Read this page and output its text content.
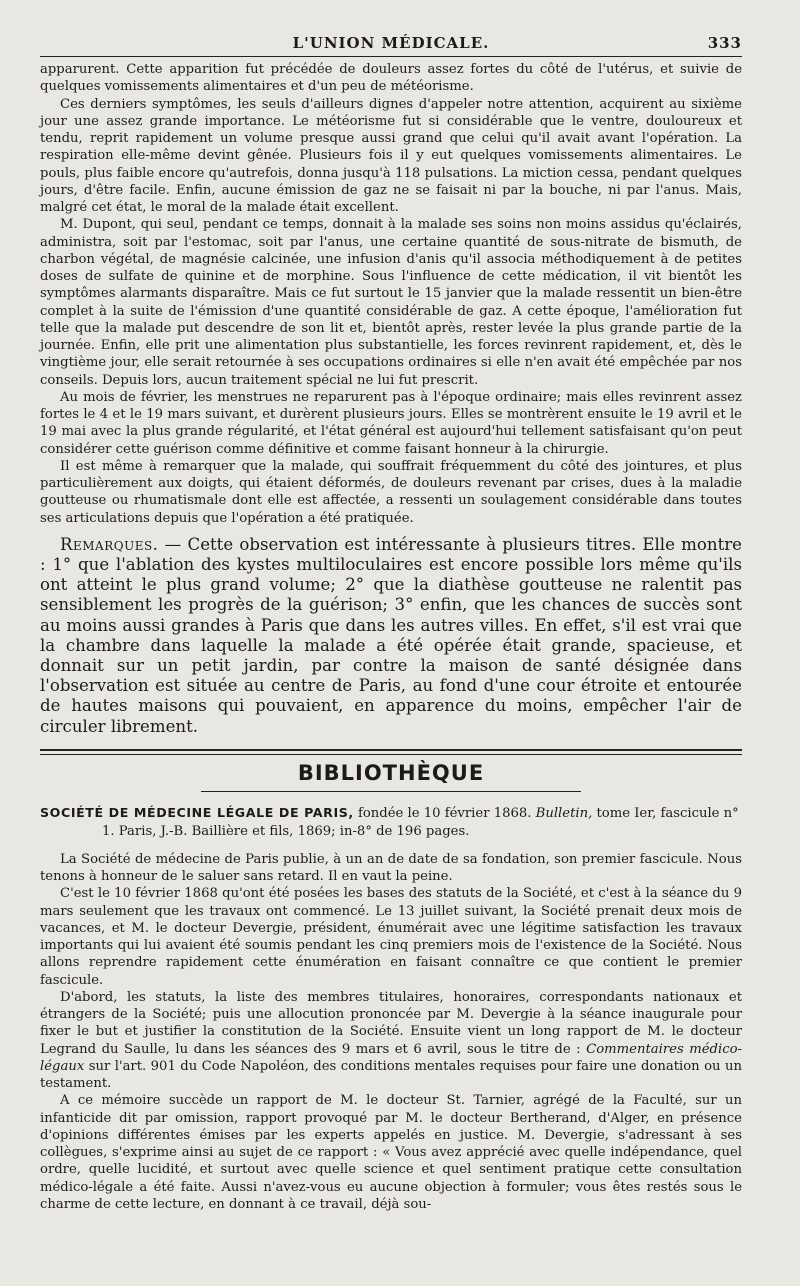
L'UNION MÉDICALE.	333

apparurent. Cette apparition fut précédée de douleurs assez fortes du côté de l'utérus, et suivie de quelques vomissements alimentaires et d'un peu de météorisme.

Ces derniers symptômes, les seuls d'ailleurs dignes d'appeler notre attention, acquirent au sixième jour une assez grande importance. Le météorisme fut si considérable que le ventre, douloureux et tendu, reprit rapidement un volume presque aussi grand que celui qu'il avait avant l'opération. La respiration elle-même devint gênée. Plusieurs fois il y eut quelques vomissements alimentaires. Le pouls, plus faible encore qu'autrefois, donna jusqu'à 118 pulsations. La miction cessa, pendant quelques jours, d'être facile. Enfin, aucune émission de gaz ne se faisait ni par la bouche, ni par l'anus. Mais, malgré cet état, le moral de la malade était excellent.

M. Dupont, qui seul, pendant ce temps, donnait à la malade ses soins non moins assidus qu'éclairés, administra, soit par l'estomac, soit par l'anus, une certaine quantité de sous-nitrate de bismuth, de charbon végétal, de magnésie calcinée, une infusion d'anis qu'il associa méthodiquement à de petites doses de sulfate de quinine et de morphine. Sous l'influence de cette médication, il vit bientôt les symptômes alarmants disparaître. Mais ce fut surtout le 15 janvier que la malade ressentit un bien-être complet à la suite de l'émission d'une quantité considérable de gaz. A cette époque, l'amélioration fut telle que la malade put descendre de son lit et, bientôt après, rester levée la plus grande partie de la journée. Enfin, elle prit une alimentation plus substantielle, les forces revinrent rapidement, et, dès le vingtième jour, elle serait retournée à ses occupations ordinaires si elle n'en avait été empêchée par nos conseils. Depuis lors, aucun traitement spécial ne lui fut prescrit.

Au mois de février, les menstrues ne reparurent pas à l'époque ordinaire; mais elles revinrent assez fortes le 4 et le 19 mars suivant, et durèrent plusieurs jours. Elles se montrèrent ensuite le 19 avril et le 19 mai avec la plus grande régularité, et l'état général est aujourd'hui tellement satisfaisant qu'on peut considérer cette guérison comme définitive et comme faisant honneur à la chirurgie.

Il est même à remarquer que la malade, qui souffrait fréquemment du côté des jointures, et plus particulièrement aux doigts, qui étaient déformés, de douleurs revenant par crises, dues à la maladie goutteuse ou rhumatismale dont elle est affectée, a ressenti un soulagement considérable dans toutes ses articulations depuis que l'opération a été pratiquée.

Remarques. — Cette observation est intéressante à plusieurs titres. Elle montre : 1° que l'ablation des kystes multiloculaires est encore possible lors même qu'ils ont atteint le plus grand volume; 2° que la diathèse goutteuse ne ralentit pas sensiblement les progrès de la guérison; 3° enfin, que les chances de succès sont au moins aussi grandes à Paris que dans les autres villes. En effet, s'il est vrai que la chambre dans laquelle la malade a été opérée était grande, spacieuse, et donnait sur un petit jardin, par contre la maison de santé désignée dans l'observation est située au centre de Paris, au fond d'une cour étroite et entourée de hautes maisons qui pouvaient, en apparence du moins, empêcher l'air de circuler librement.

BIBLIOTHÈQUE

SOCIÉTÉ DE MÉDECINE LÉGALE DE PARIS, fondée le 10 février 1868. Bulletin, tome Ier, fascicule n° 1. Paris, J.-B. Baillière et fils, 1869; in-8° de 196 pages.

La Société de médecine de Paris publie, à un an de date de sa fondation, son premier fascicule. Nous tenons à honneur de le saluer sans retard. Il en vaut la peine.

C'est le 10 février 1868 qu'ont été posées les bases des statuts de la Société, et c'est à la séance du 9 mars seulement que les travaux ont commencé. Le 13 juillet suivant, la Société prenait deux mois de vacances, et M. le docteur Devergie, président, énumérait avec une légitime satisfaction les travaux importants qui lui avaient été soumis pendant les cinq premiers mois de l'existence de la Société. Nous allons reprendre rapidement cette énumération en faisant connaître ce que contient le premier fascicule.

D'abord, les statuts, la liste des membres titulaires, honoraires, correspondants nationaux et étrangers de la Société; puis une allocution prononcée par M. Devergie à la séance inaugurale pour fixer le but et justifier la constitution de la Société. Ensuite vient un long rapport de M. le docteur Legrand du Saulle, lu dans les séances des 9 mars et 6 avril, sous le titre de : Commentaires médico-légaux sur l'art. 901 du Code Napoléon, des conditions mentales requises pour faire une donation ou un testament.

A ce mémoire succède un rapport de M. le docteur St. Tarnier, agrégé de la Faculté, sur un infanticide dit par omission, rapport provoqué par M. le docteur Bertherand, d'Alger, en présence d'opinions différentes émises par les experts appelés en justice. M. Devergie, s'adressant à ses collègues, s'exprime ainsi au sujet de ce rapport : « Vous avez apprécié avec quelle indépendance, quel ordre, quelle lucidité, et surtout avec quelle science et quel sentiment pratique cette consultation médico-légale a été faite. Aussi n'avez-vous eu aucune objection à formuler; vous êtes restés sous le charme de cette lecture, en donnant à ce travail, déjà sou-
